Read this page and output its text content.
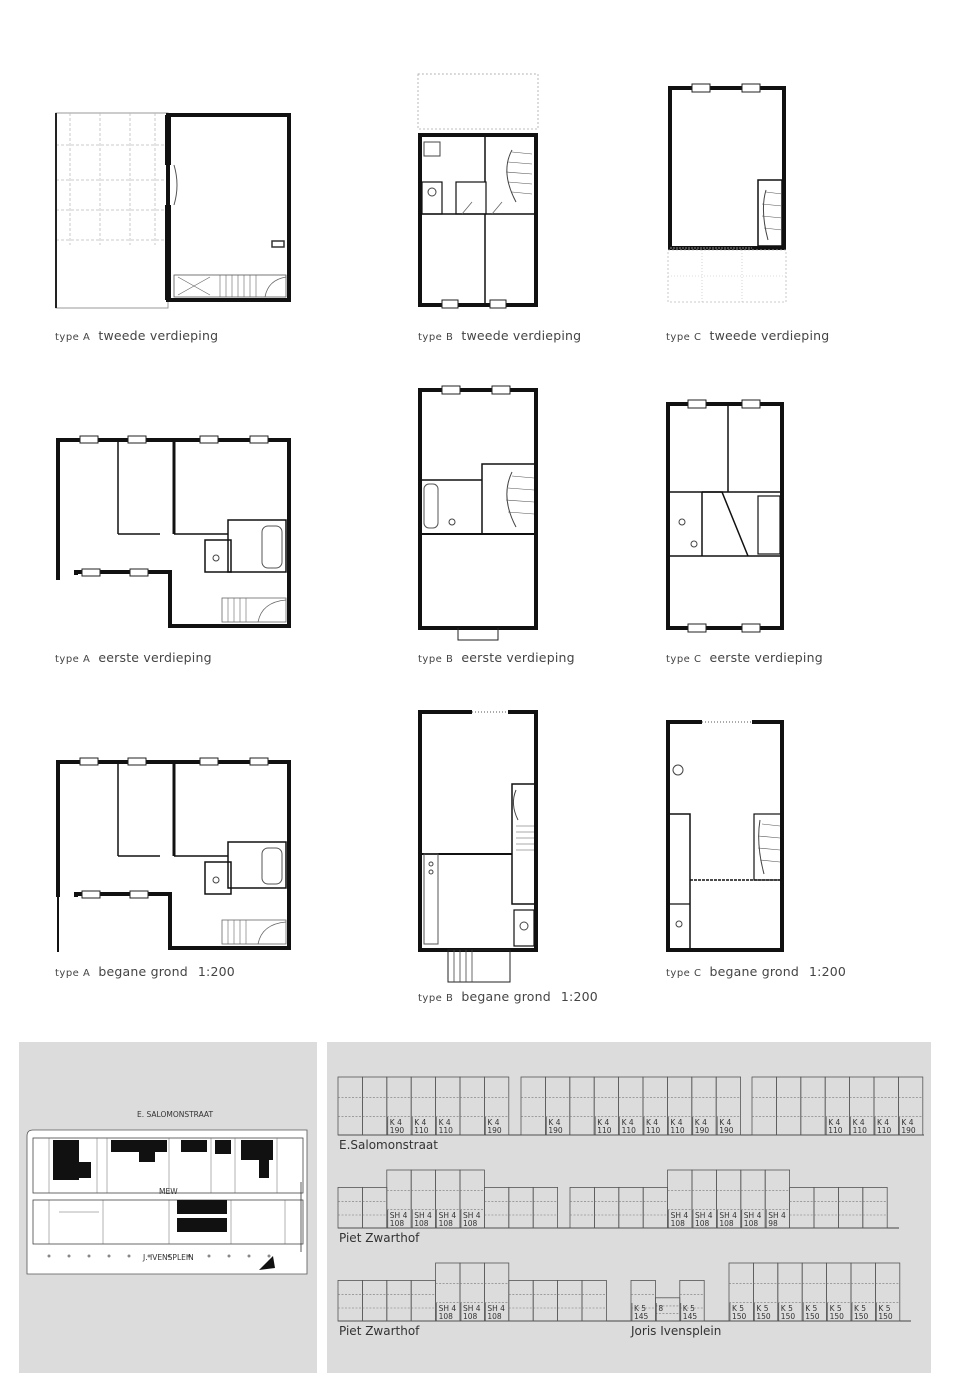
type A tweede verdieping	type B tweede verdieping	type C tweede verdieping
type A eerste verdieping	type B eerste verdieping	type C eerste verdieping
type A begane grond 1:200
type B begane grond 1:200
type C begane grond 1:200
E. SALOMONSTRAAT
MEW
J. IVENSPLEIN
K 4
190
K 4
110
K 4
110
K 4
190
K 4
190
K 4
110
K 4
110
K 4
110
K 4
110
K 4
190
K 4
190
K 4
110
K 4
110
K 4
110
K 4
190
SH 4
108
SH 4
108
SH 4
108
SH 4
108
SH 4
108
SH 4
108
SH 4
108
SH 4
108
SH 4
98
SH 4
108
SH 4
108
SH 4
108
K 5
145
8	K 5
145
K 5
150
K 5
150
K 5
150
K 5
150
K 5
150
K 5
150
K 5
150
E.Salomonstraat
Piet Zwarthof
Piet Zwarthof	Joris Ivensplein
